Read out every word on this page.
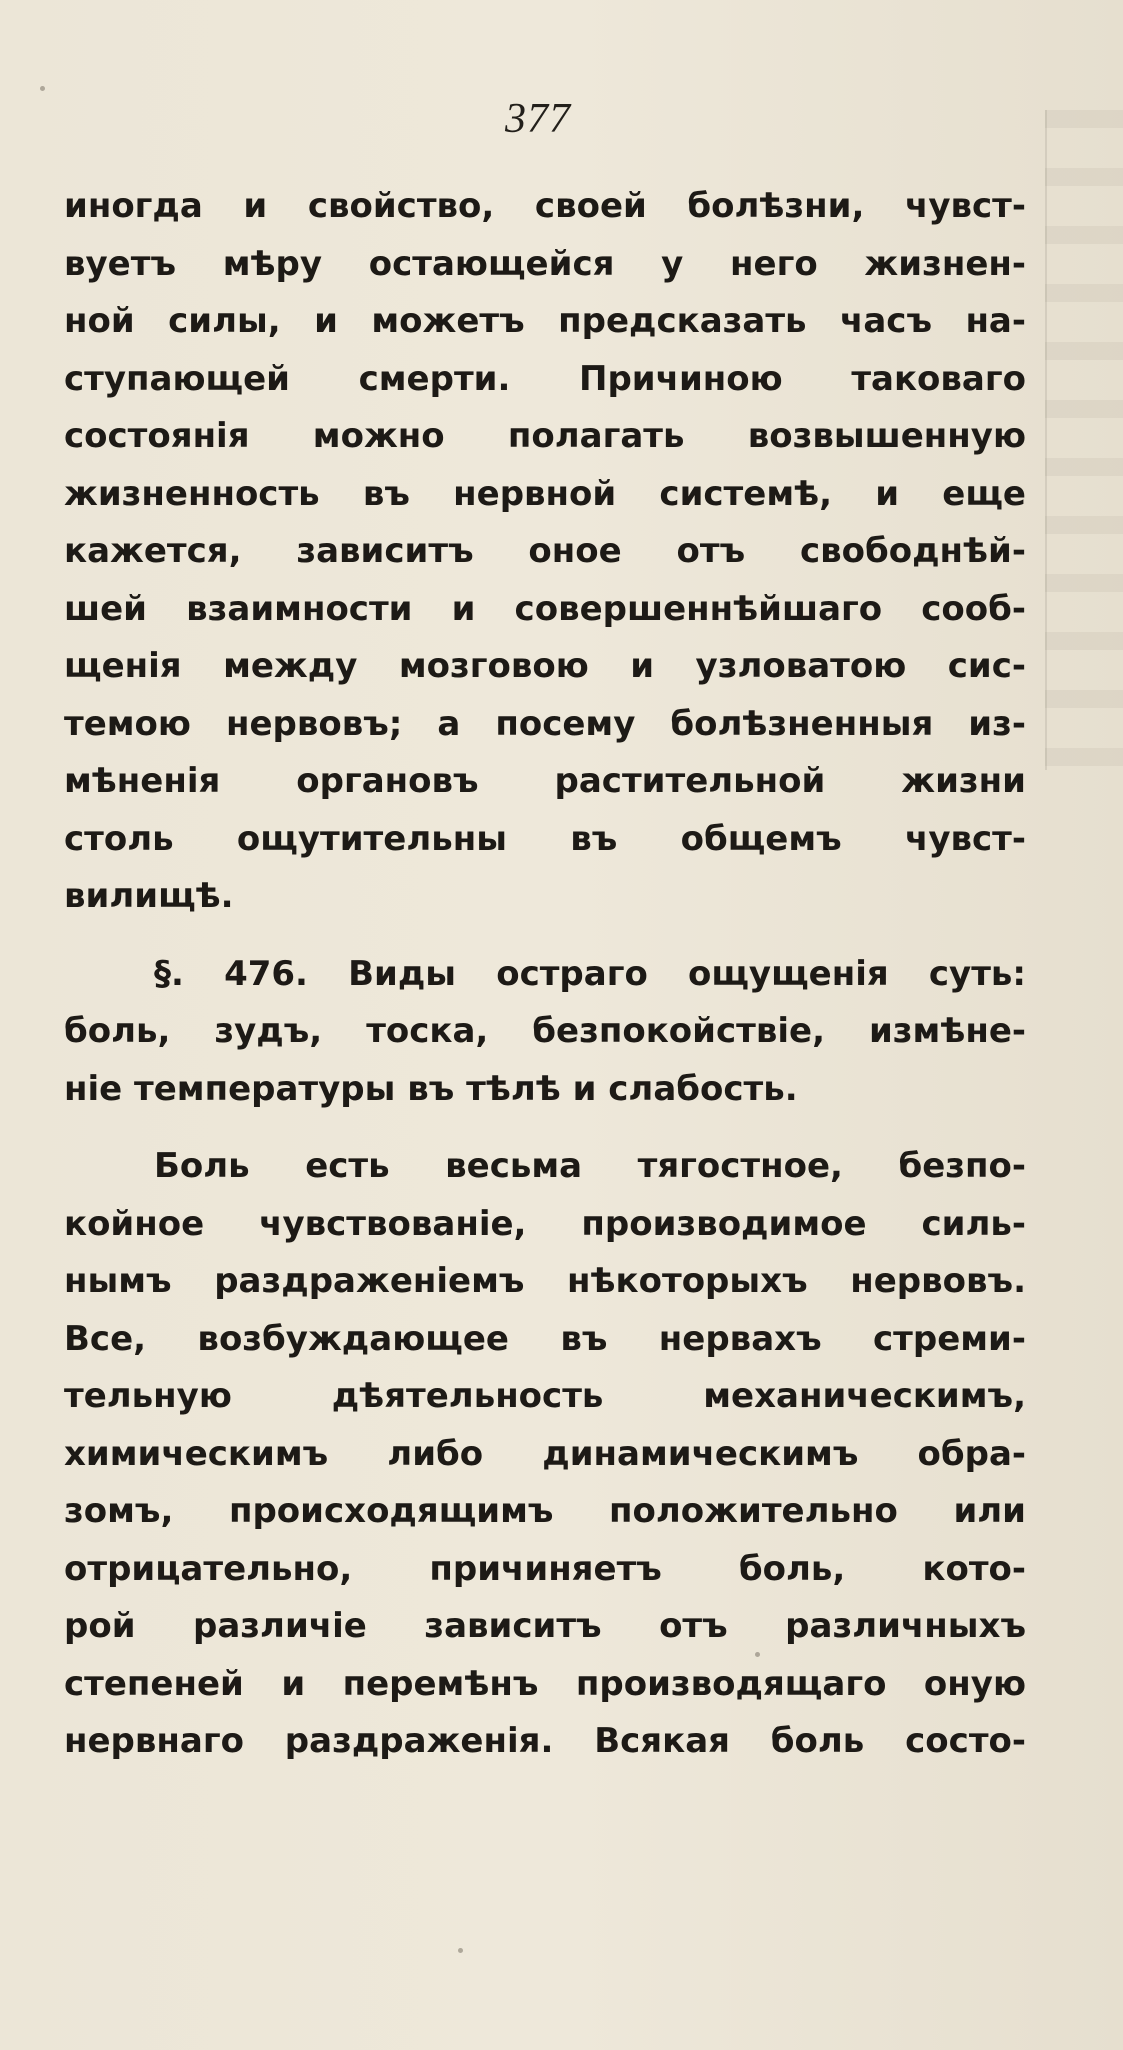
377

иногда и свойство, своей болѣзни, чувст-
вуетъ мѣру остающейся у него жизнен-
ной силы, и можетъ предсказать часъ на-
ступающей смерти. Причиною таковаго
состоянія можно полагать возвышенную
жизненность въ нервной системѣ, и еще
кажется, зависитъ оное отъ свободнѣй-
шей взаимности и совершеннѣйшаго сооб-
щенія между мозговою и узловатою сис-
темою нервовъ; а посему болѣзненныя из-
мѣненія органовъ растительной жизни
столь ощутительны въ общемъ чувст-
вилищѣ.
§. 476. Виды остраго ощущенія суть:
боль, зудъ, тоска, безпокойствіе, измѣне-
ніе температуры въ тѣлѣ и слабость.
Боль есть весьма тягостное, безпо-
койное чувствованіе, производимое силь-
нымъ раздраженіемъ нѣкоторыхъ нервовъ.
Все, возбуждающее въ нервахъ стреми-
тельную дѣятельность механическимъ,
химическимъ либо динамическимъ обра-
зомъ, происходящимъ положительно или
отрицательно, причиняетъ боль, кото-
рой различіе зависитъ отъ различныхъ
степеней и перемѣнъ производящаго оную
нервнаго раздраженія. Всякая боль состо-
